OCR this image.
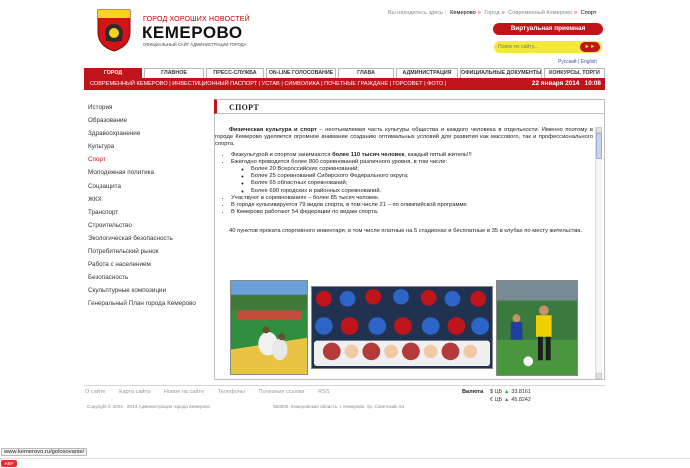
ГОРОД ХОРОШИХ НОВОСТЕЙ
КЕМЕРОВО
ОФИЦИАЛЬНЫЙ САЙТ АДМИНИСТРАЦИИ ГОРОДА
Вы находитесь здесь : Кемерово » Город » Современный Кемерово » Спорт
Виртуальная приемная
Поиск по сайту...
►►
Русский | English
ГОРОД	ГЛАВНОЕ	ПРЕСС-СЛУЖБА	ON-LINE ГОЛОСОВАНИЕ	ГЛАВА	АДМИНИСТРАЦИЯ	ОФИЦИАЛЬНЫЕ ДОКУМЕНТЫ	КОНКУРСЫ, ТОРГИ
СОВРЕМЕННЫЙ КЕМЕРОВО | ИНВЕСТИЦИОННЫЙ ПАСПОРТ | УСТАВ | СИМВОЛИКА | ПОЧЕТНЫЕ ГРАЖДАНЕ | ГОРСОВЕТ | ФОТО |	22 января 2014 10:08
История
Образование
Здравоохранение
Культура
Спорт
Молодежная политика
Соцзащита
ЖКХ
Транспорт
Строительство
Экологическая безопасность
Потребительский рынок
Работа с населением
Безопасность
Скульптурные композиции
Генеральный План города Кемерово
СПОРТ

Физическая культура и спорт – неотъемлемая часть культуры общества и каждого человека в отдельности. Именно поэтому в городе Кемерово уделяется огромное внимание созданию оптимальных условий для развития как массового, так и профессионального спорта.

• Физкультурой и спортом занимаются более 110 тысяч человек, каждый пятый житель!!!
• Ежегодно проводится более 800 соревнований различного уровня, в том числе:
◦ Более 20 Всероссийских соревнований;
◦ Более 25 соревнований Сибирского Федерального округа;
◦ Более 65 областных соревнований;
◦ Более 690 городских и районных соревнований.
• Участвуют в соревнованиях – более 85 тысяч человек.
• В городе культивируется 79 видов спорта, в том числе 21 – по олимпийской программе.
• В Кемерово работают 54 федерации по видам спорта.

40 пунктов проката спортивного инвентаря, в том числе платные на 5 стадионах и бесплатные в 35 в клубах по месту жительства.

О сайте Карта сайта Новое на сайте Телефоны Полезные ссылки RSS
Copyright © 2004 - 2014 Администрация города Кемерово	650000, Кемеровская область, г. Кемерово, пр. Советский, 54
Валюта $ ЦБ ▲ 33.8161
€ ЦБ ▲ 45.8242
www.kemerovo.ru/golosovanie/
ABP
